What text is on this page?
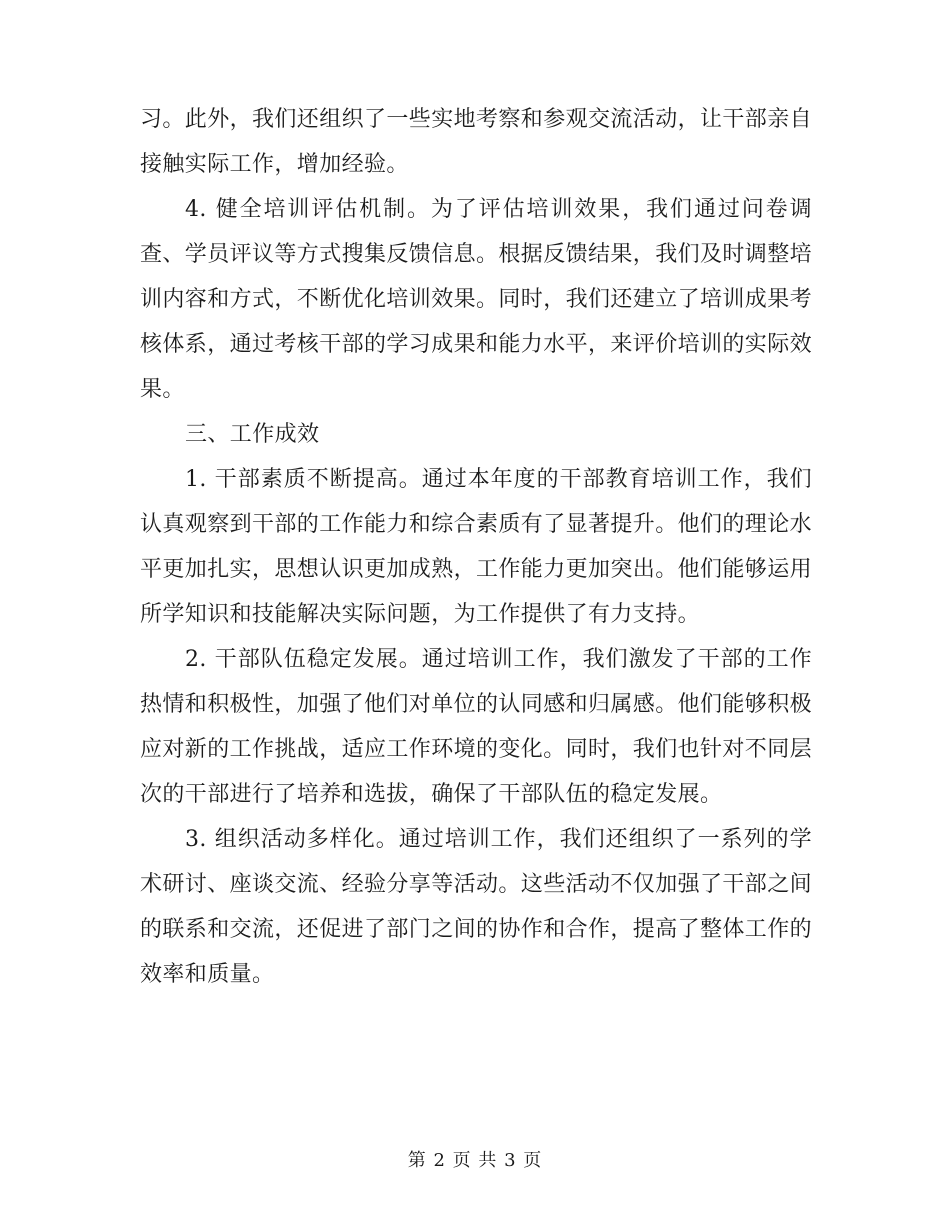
习。此外，我们还组织了一些实地考察和参观交流活动，让干部亲自接触实际工作，增加经验。

4. 健全培训评估机制。为了评估培训效果，我们通过问卷调查、学员评议等方式搜集反馈信息。根据反馈结果，我们及时调整培训内容和方式，不断优化培训效果。同时，我们还建立了培训成果考核体系，通过考核干部的学习成果和能力水平，来评价培训的实际效果。

三、工作成效

1. 干部素质不断提高。通过本年度的干部教育培训工作，我们认真观察到干部的工作能力和综合素质有了显著提升。他们的理论水平更加扎实，思想认识更加成熟，工作能力更加突出。他们能够运用所学知识和技能解决实际问题，为工作提供了有力支持。

2. 干部队伍稳定发展。通过培训工作，我们激发了干部的工作热情和积极性，加强了他们对单位的认同感和归属感。他们能够积极应对新的工作挑战，适应工作环境的变化。同时，我们也针对不同层次的干部进行了培养和选拔，确保了干部队伍的稳定发展。

3. 组织活动多样化。通过培训工作，我们还组织了一系列的学术研讨、座谈交流、经验分享等活动。这些活动不仅加强了干部之间的联系和交流，还促进了部门之间的协作和合作，提高了整体工作的效率和质量。

第 2 页 共 3 页
